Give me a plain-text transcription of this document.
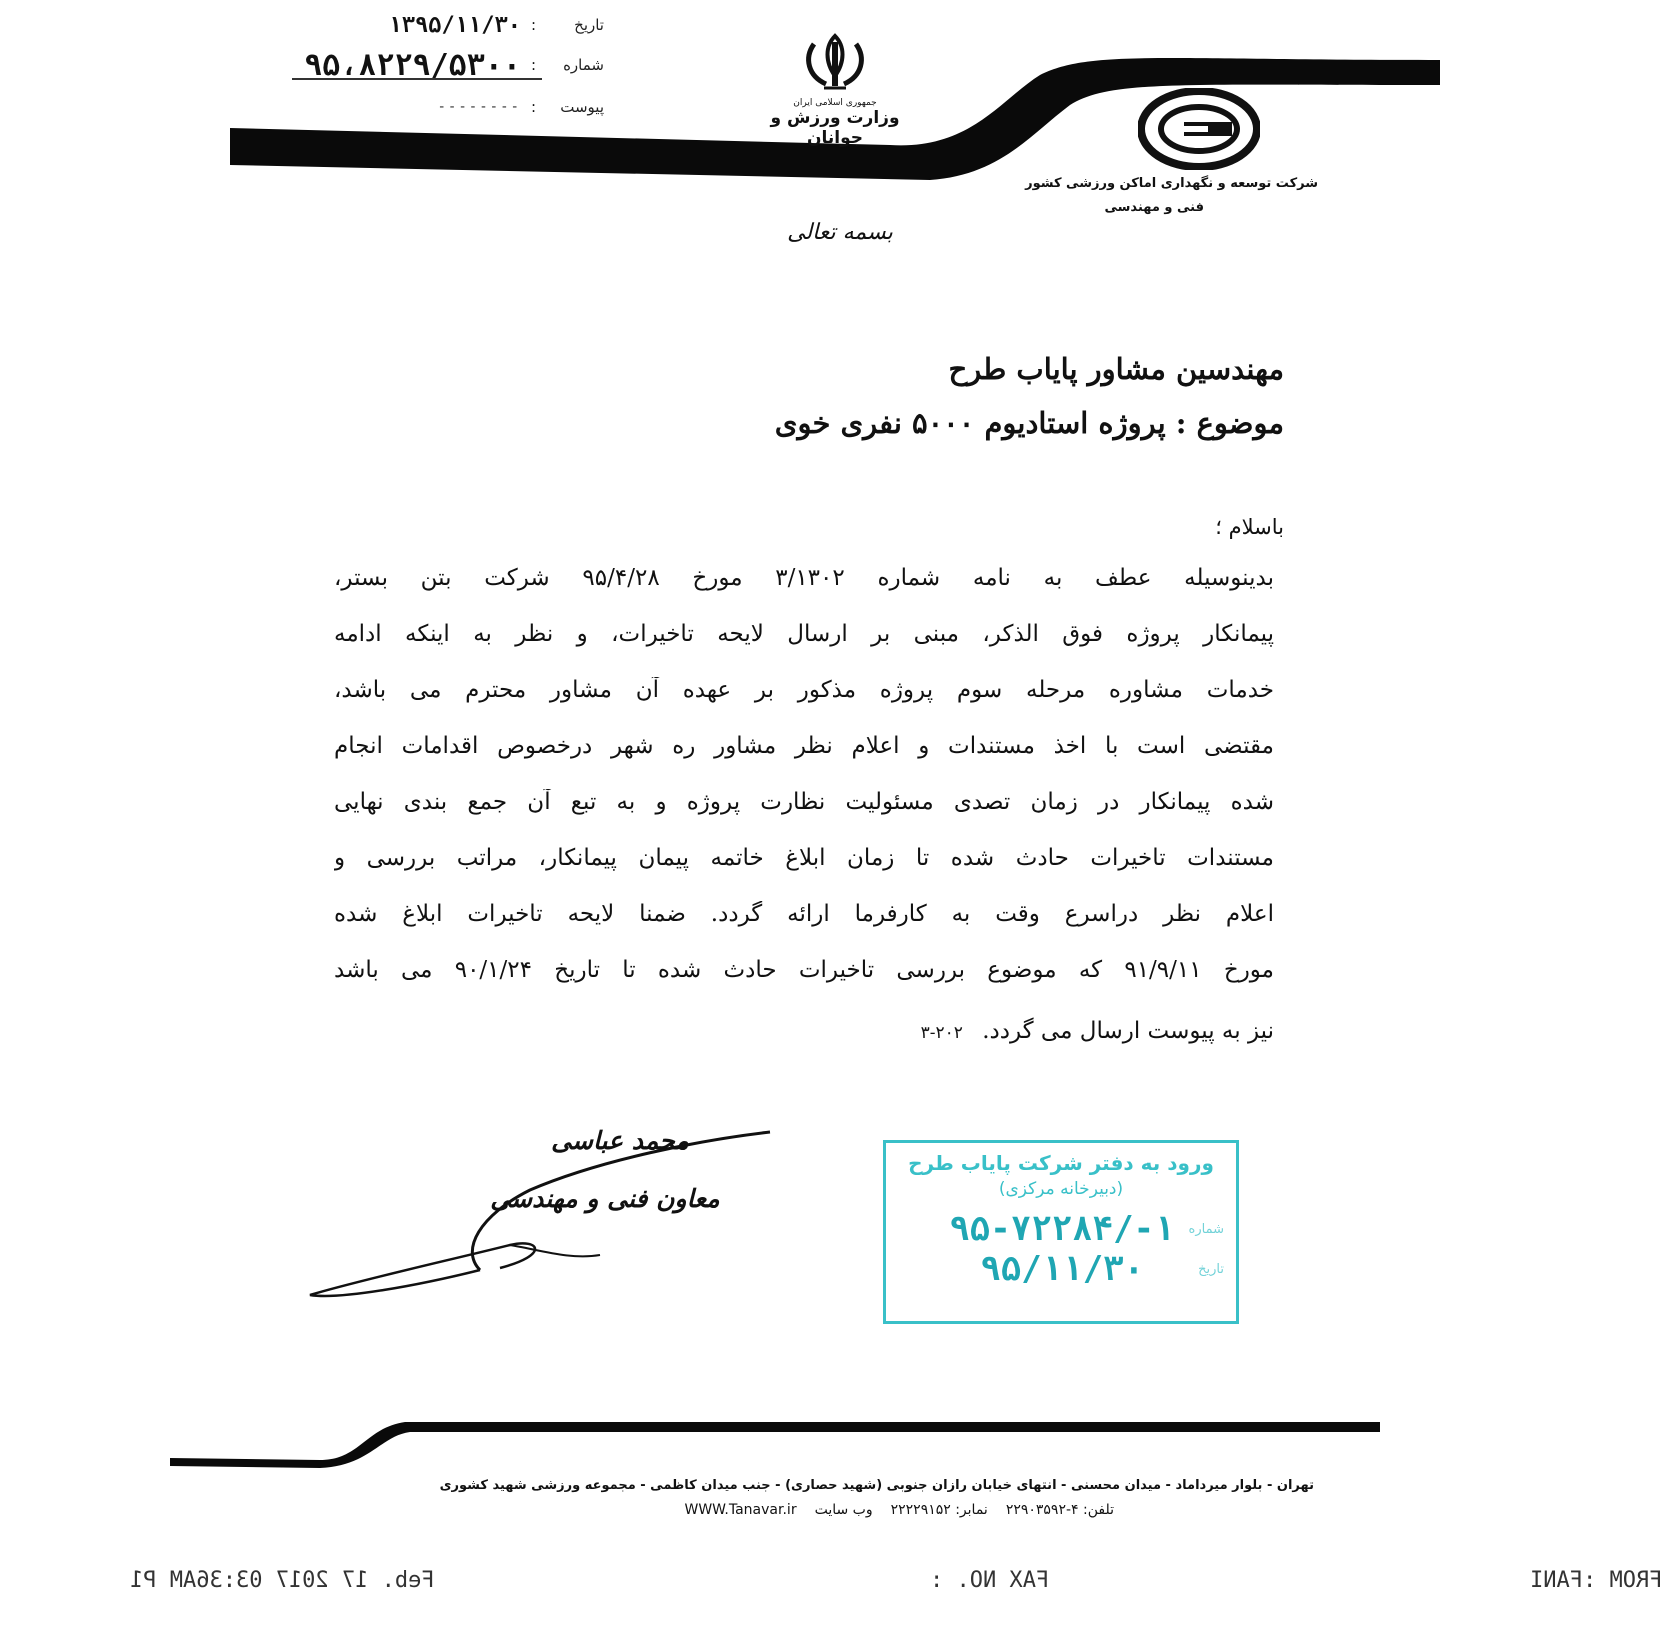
تاریخ
:
۱۳۹۵/۱۱/۳۰
شماره
:
۹۵،۸۲۲۹/۵۳۰۰
پیوست
:
--------	جمهوری اسلامی ایران
وزارت ورزش و جوانان
شرکت توسعه و نگهداری اماکن ورزشی کشور
فنی و مهندسی
بسمه تعالی
مهندسین مشاور پایاب طرح
موضوع : پروژه استادیوم ۵۰۰۰ نفری خوی
باسلام ؛
بدینوسیله عطف به نامه شماره ۳/۱۳۰۲ مورخ ۹۵/۴/۲۸ شرکت بتن بستر،
پیمانکار پروژه فوق الذکر، مبنی بر ارسال لایحه تاخیرات، و نظر به اینکه ادامه
خدمات مشاوره مرحله سوم پروژه مذکور بر عهده آن مشاور محترم می باشد،
مقتضی است با اخذ مستندات و اعلام نظر مشاور ره شهر درخصوص اقدامات انجام
شده پیمانکار در زمان تصدی مسئولیت نظارت پروژه و به تبع آن جمع بندی نهایی
مستندات تاخیرات حادث شده تا زمان ابلاغ خاتمه پیمان پیمانکار، مراتب بررسی و
اعلام نظر دراسرع وقت به کارفرما ارائه گردد. ضمنا لایحه تاخیرات ابلاغ شده
مورخ ۹۱/۹/۱۱ که موضوع بررسی تاخیرات حادث شده تا تاریخ ۹۰/۱/۲۴ می باشد
نیز به پیوست ارسال می گردد. ۲۰۲-۳
محمد عباسی
معاون فنی و مهندسی
ورود به دفتر شرکت پایاب طرح
(دبیرخانه مرکزی)
شماره
۱-/۹۵-۷۲۲۸۴
تاریخ
۹۵/۱۱/۳۰
تهران - بلوار میرداماد - میدان محسنی - انتهای خیابان رازان جنوبی (شهید حصاری) - جنب میدان کاظمی - مجموعه ورزشی شهید کشوری
تلفن: ۴-۲۲۹۰۳۵۹۲
نمابر: ۲۲۲۲۹۱۵۲
وب سایت
WWW.Tanavar.ir
Feb. 17 2017 03:36AM P1	FAX NO. :	FROM :FANI
